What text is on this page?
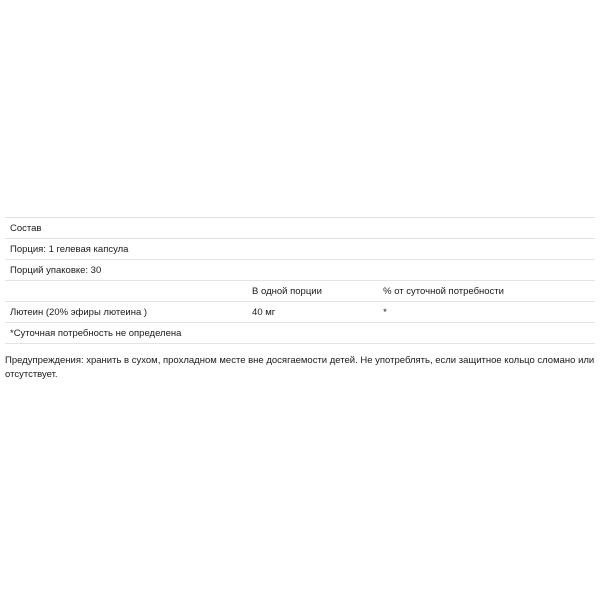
Состав		
Порция: 1 гелевая капсула		
Порций упаковке: 30		
	В одной порции	% от суточной потребности
Лютеин (20% эфиры лютеина )	40 мг	*
*Суточная потребность не определена		
Предупреждения: хранить в сухом, прохладном месте вне досягаемости детей. Не употреблять, если защитное кольцо сломано или отсутствует.
